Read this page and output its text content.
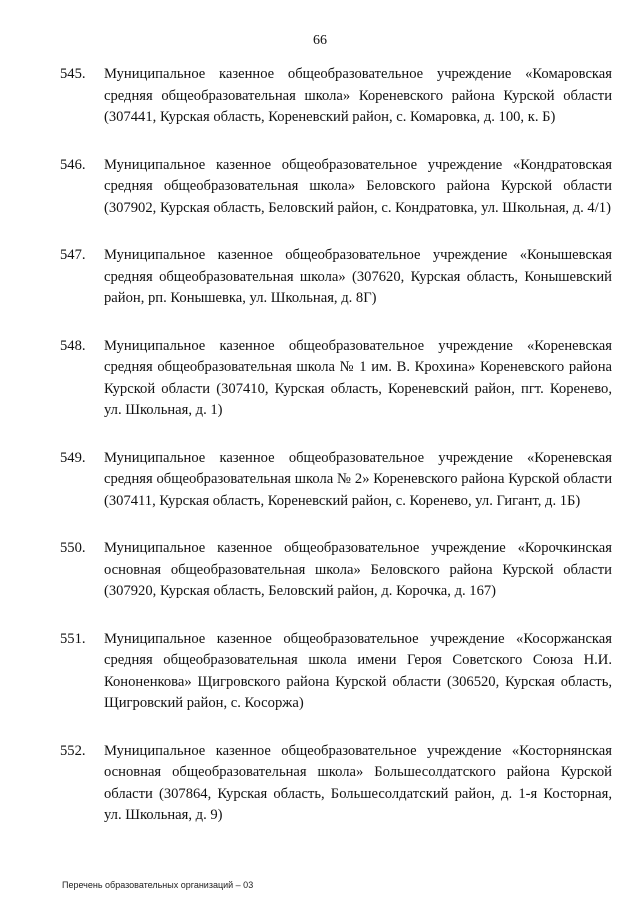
66
545. Муниципальное казенное общеобразовательное учреждение «Комаровская средняя общеобразовательная школа» Кореневского района Курской области (307441, Курская область, Кореневский район, с. Комаровка, д. 100, к. Б)
546. Муниципальное казенное общеобразовательное учреждение «Кондратовская средняя общеобразовательная школа» Беловского района Курской области (307902, Курская область, Беловский район, с. Кондратовка, ул. Школьная, д. 4/1)
547. Муниципальное казенное общеобразовательное учреждение «Конышевская средняя общеобразовательная школа» (307620, Курская область, Конышевский район, рп. Конышевка, ул. Школьная, д. 8Г)
548. Муниципальное казенное общеобразовательное учреждение «Кореневская средняя общеобразовательная школа № 1 им. В. Крохина» Кореневского района Курской области (307410, Курская область, Кореневский район, пгт. Коренево, ул. Школьная, д. 1)
549. Муниципальное казенное общеобразовательное учреждение «Кореневская средняя общеобразовательная школа № 2» Кореневского района Курской области (307411, Курская область, Кореневский район, с. Коренево, ул. Гигант, д. 1Б)
550. Муниципальное казенное общеобразовательное учреждение «Корочкинская основная общеобразовательная школа» Беловского района Курской области (307920, Курская область, Беловский район, д. Корочка, д. 167)
551. Муниципальное казенное общеобразовательное учреждение «Косоржанская средняя общеобразовательная школа имени Героя Советского Союза Н.И. Кононенкова» Щигровского района Курской области (306520, Курская область, Щигровский район, с. Косоржа)
552. Муниципальное казенное общеобразовательное учреждение «Косторнянская основная общеобразовательная школа» Большесолдатского района Курской области (307864, Курская область, Большесолдатский район, д. 1-я Косторная, ул. Школьная, д. 9)
Перечень образовательных организаций – 03
